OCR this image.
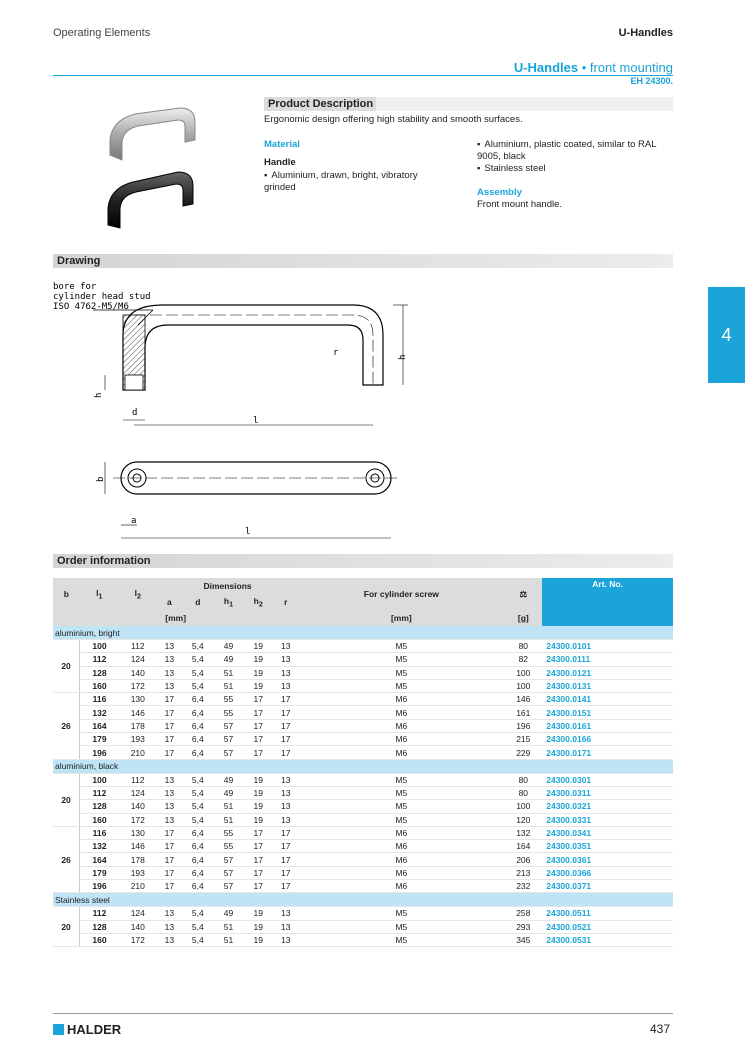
Operating Elements	U-Handles
U-Handles • front mounting
EH 24300.
4
Product Description
Ergonomic design offering high stability and smooth surfaces.
Material
Handle
▪ Aluminium, drawn, bright, vibratory grinded
▪ Aluminium, plastic coated, similar to RAL 9005, black
▪ Stainless steel
Assembly
Front mount handle.
Drawing
bore for
cylinder head stud
ISO 4762-M5/M6
r	h
h
d
l
b
a
l
Order information
b	$l_1$	$l_2$	Dimensions					For cylinder screw	⚖	Art. No.
			a	d	$h_1$	$h_2$	r			
[mm]								[mm]	[g]	
aluminium, bright										
20	100	112	13	5,4	49	19	13	M5	80	24300.0101
	112	124	13	5,4	49	19	13	M5	82	24300.0111
	128	140	13	5,4	51	19	13	M5	100	24300.0121
	160	172	13	5,4	51	19	13	M5	100	24300.0131
26	116	130	17	6,4	55	17	17	M6	146	24300.0141
	132	146	17	6,4	55	17	17	M6	161	24300.0151
	164	178	17	6,4	57	17	17	M6	196	24300.0161
	179	193	17	6,4	57	17	17	M6	215	24300.0166
	196	210	17	6,4	57	17	17	M6	229	24300.0171
aluminium, black										
20	100	112	13	5,4	49	19	13	M5	80	24300.0301
	112	124	13	5,4	49	19	13	M5	80	24300.0311
	128	140	13	5,4	51	19	13	M5	100	24300.0321
	160	172	13	5,4	51	19	13	M5	120	24300.0331
26	116	130	17	6,4	55	17	17	M6	132	24300.0341
	132	146	17	6,4	55	17	17	M6	164	24300.0351
	164	178	17	6,4	57	17	17	M6	206	24300.0361
	179	193	17	6,4	57	17	17	M6	213	24300.0366
	196	210	17	6,4	57	17	17	M6	232	24300.0371
Stainless steel										
20	112	124	13	5,4	49	19	13	M5	258	24300.0511
	128	140	13	5,4	51	19	13	M5	293	24300.0521
	160	172	13	5,4	51	19	13	M5	345	24300.0531
HALDER	437
